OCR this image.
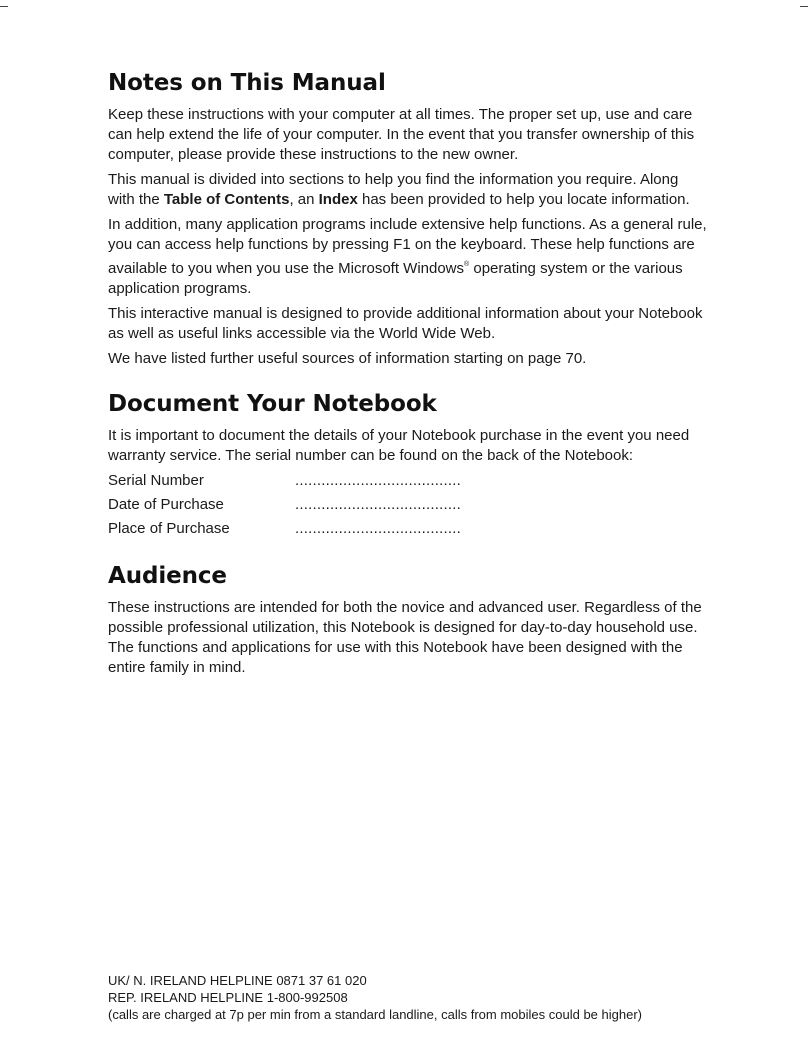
Notes on This Manual

Keep these instructions with your computer at all times. The proper set up, use and care can help extend the life of your computer. In the event that you transfer ownership of this computer, please provide these instructions to the new owner.

This manual is divided into sections to help you find the information you require. Along with the Table of Contents, an Index has been provided to help you locate information.

In addition, many application programs include extensive help functions. As a general rule, you can access help functions by pressing F1 on the keyboard. These help functions are available to you when you use the Microsoft Windows® operating system or the various application programs.

This interactive manual is designed to provide additional information about your Notebook as well as useful links accessible via the World Wide Web.

We have listed further useful sources of information starting on page 70.

Document Your Notebook

It is important to document the details of your Notebook purchase in the event you need warranty service. The serial number can be found on the back of the Notebook:

Serial Number	......................................
Date of Purchase	......................................
Place of Purchase	......................................
Audience

These instructions are intended for both the novice and advanced user. Regardless of the possible professional utilization, this Notebook is designed for day-to-day household use. The functions and applications for use with this Notebook have been designed with the entire family in mind.

UK/ N. IRELAND HELPLINE 0871 37 61 020
REP. IRELAND HELPLINE 1-800-992508
(calls are charged at 7p per min from a standard landline, calls from mobiles could be higher)
